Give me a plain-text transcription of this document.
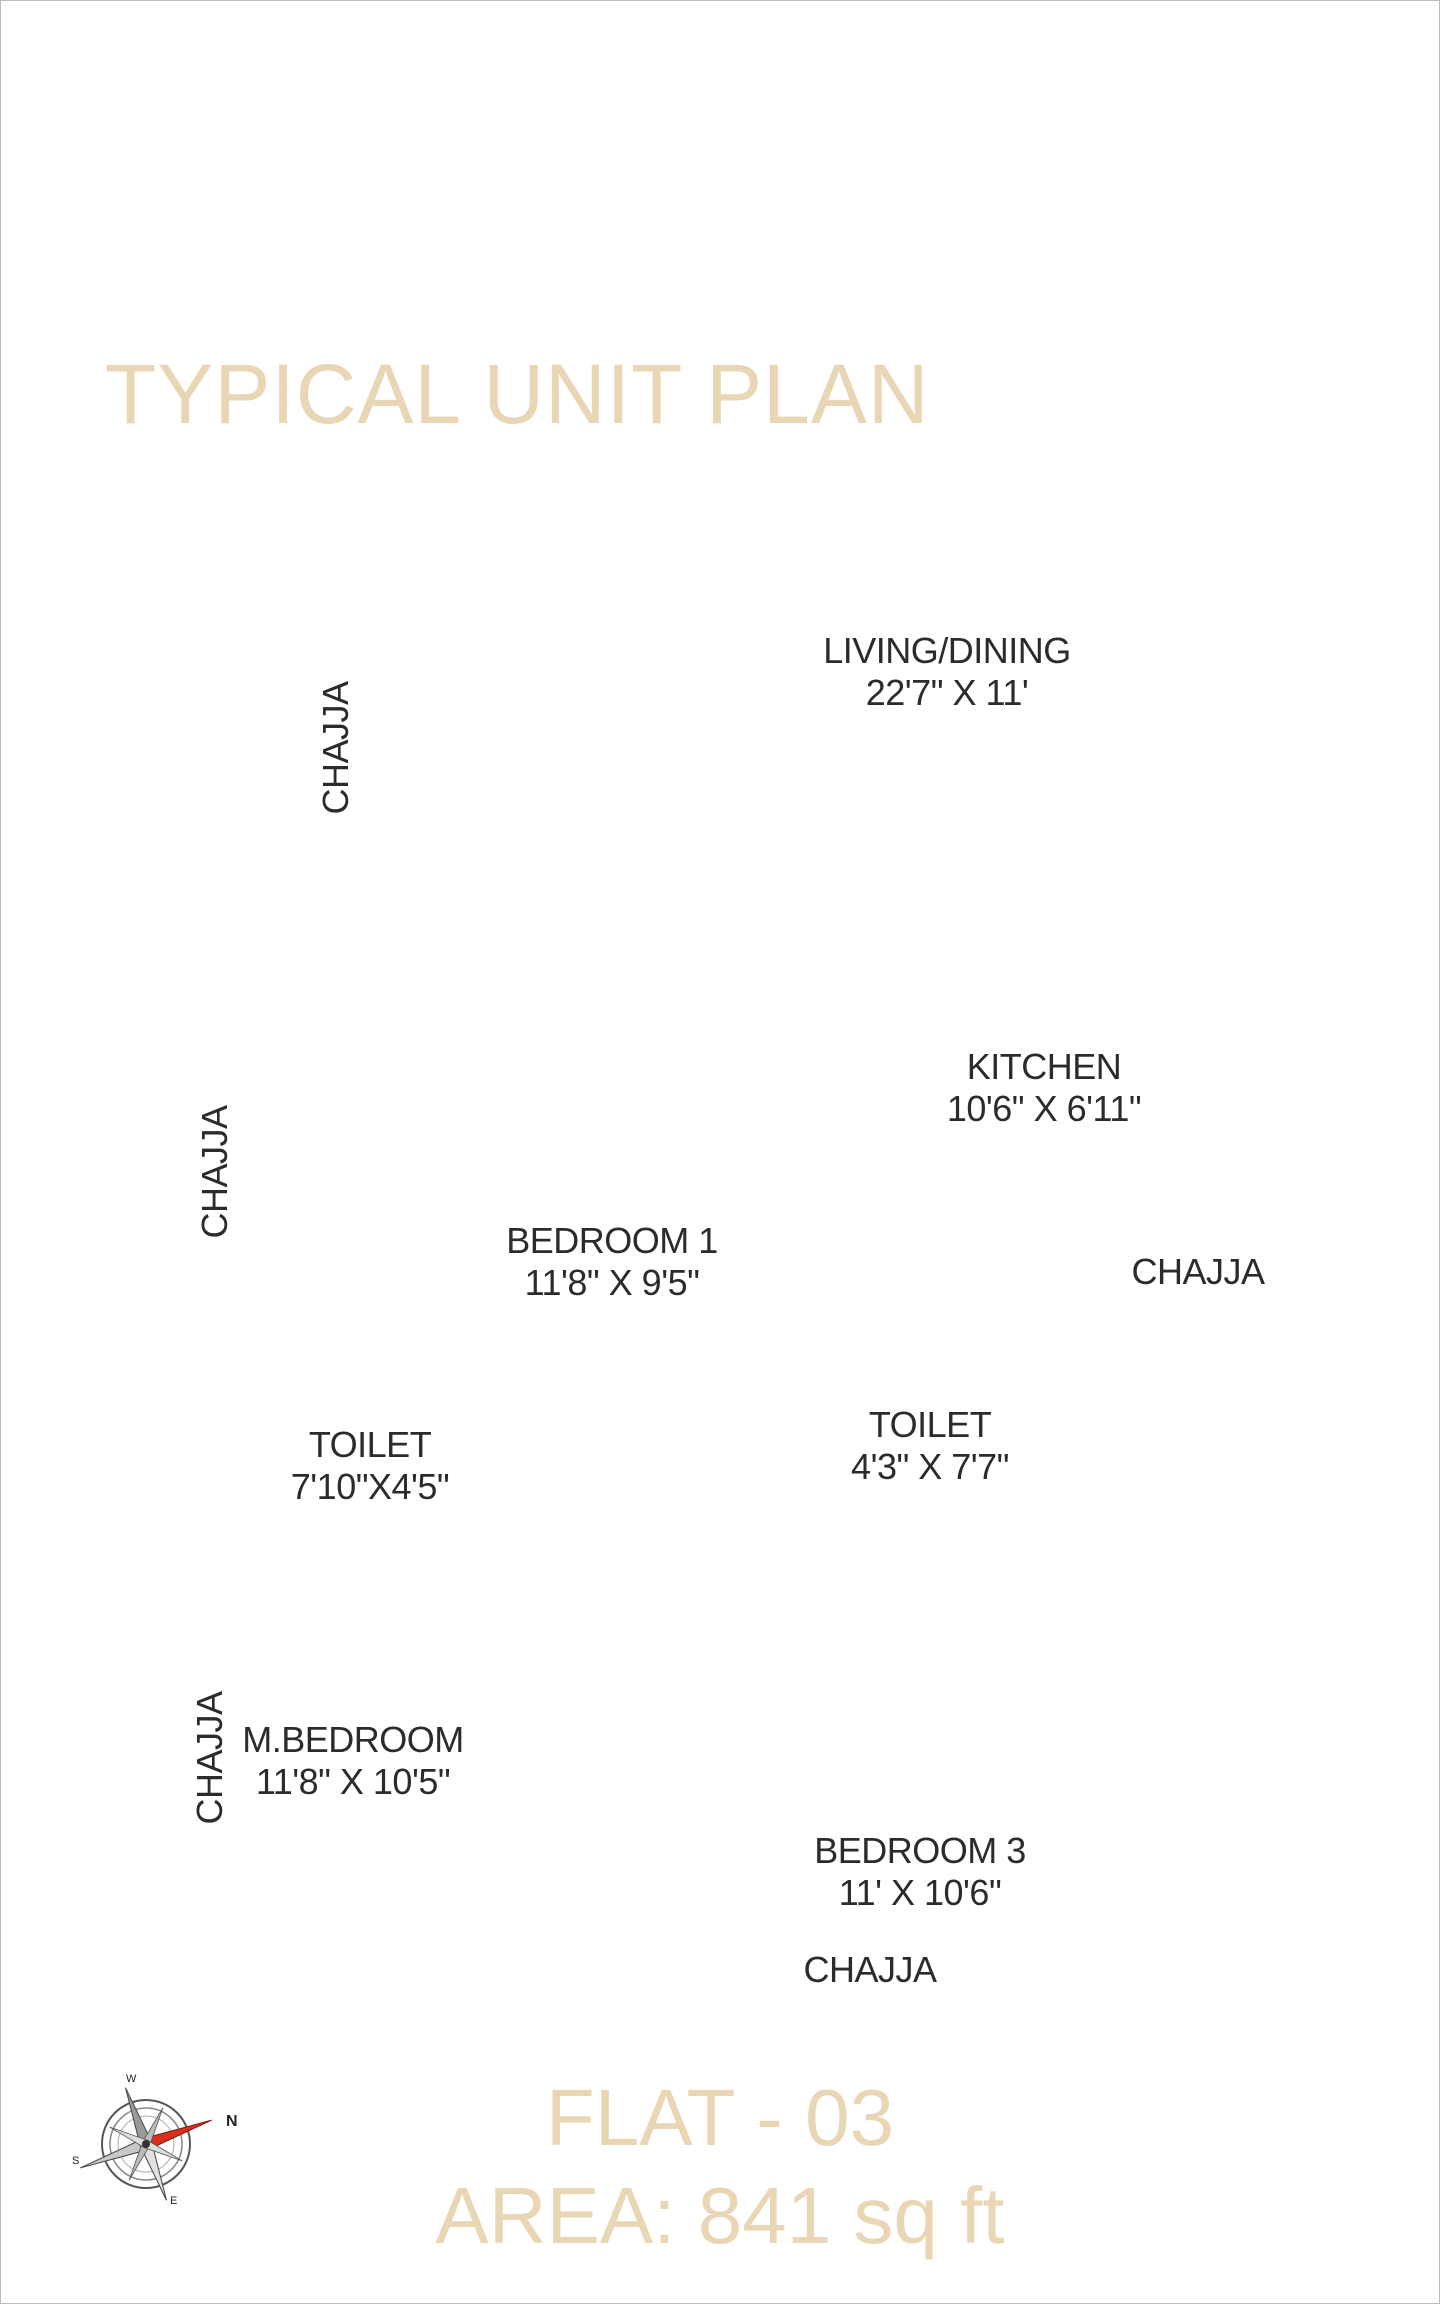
TYPICAL UNIT PLAN
LIVING/DINING
22'7" X 11'
KITCHEN
10'6" X 6'11"
BEDROOM 1
11'8" X 9'5"
TOILET
7'10"X4'5"
TOILET
4'3" X 7'7"
M.BEDROOM
11'8" X 10'5"
BEDROOM 3
11' X 10'6"
CHAJJA
CHAJJA
CHAJJA
CHAJJA
CHAJJA
FLAT - 03
AREA: 841 sq ft
N
W
S
E
